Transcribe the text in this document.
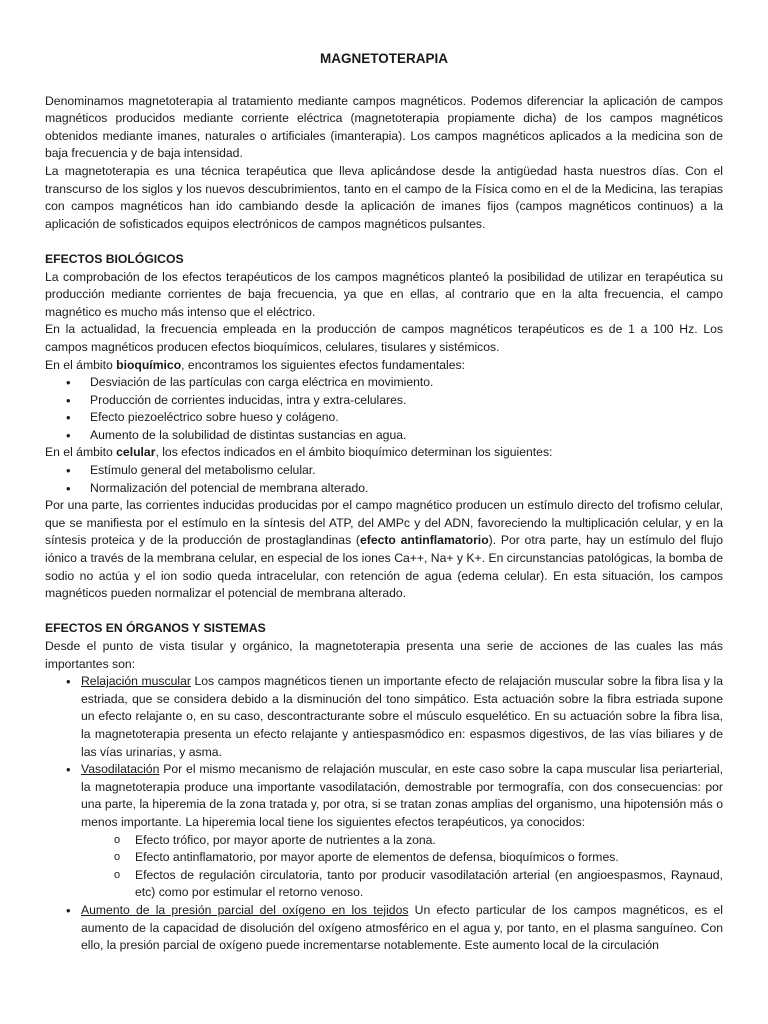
MAGNETOTERAPIA

Denominamos magnetoterapia al tratamiento mediante campos magnéticos. Podemos diferenciar la aplicación de campos magnéticos producidos mediante corriente eléctrica (magnetoterapia propiamente dicha) de los campos magnéticos obtenidos mediante imanes, naturales o artificiales (imanterapia). Los campos magnéticos aplicados a la medicina son de baja frecuencia y de baja intensidad.

La magnetoterapia es una técnica terapéutica que lleva aplicándose desde la antigüedad hasta nuestros días. Con el transcurso de los siglos y los nuevos descubrimientos, tanto en el campo de la Física como en el de la Medicina, las terapias con campos magnéticos han ido cambiando desde la aplicación de imanes fijos (campos magnéticos continuos) a la aplicación de sofisticados equipos electrónicos de campos magnéticos pulsantes.

EFECTOS BIOLÓGICOS

La comprobación de los efectos terapéuticos de los campos magnéticos planteó la posibilidad de utilizar en terapéutica su producción mediante corrientes de baja frecuencia, ya que en ellas, al contrario que en la alta frecuencia, el campo magnético es mucho más intenso que el eléctrico.

En la actualidad, la frecuencia empleada en la producción de campos magnéticos terapéuticos es de 1 a 100 Hz. Los campos magnéticos producen efectos bioquímicos, celulares, tisulares y sistémicos.

En el ámbito bioquímico, encontramos los siguientes efectos fundamentales:

• Desviación de las partículas con carga eléctrica en movimiento.
• Producción de corrientes inducidas, intra y extra-celulares.
• Efecto piezoeléctrico sobre hueso y colágeno.
• Aumento de la solubilidad de distintas sustancias en agua.

En el ámbito celular, los efectos indicados en el ámbito bioquímico determinan los siguientes:

• Estímulo general del metabolismo celular.
• Normalización del potencial de membrana alterado.

Por una parte, las corrientes inducidas producidas por el campo magnético producen un estímulo directo del trofismo celular, que se manifiesta por el estímulo en la síntesis del ATP, del AMPc y del ADN, favoreciendo la multiplicación celular, y en la síntesis proteica y de la producción de prostaglandinas (efecto antinflamatorio). Por otra parte, hay un estímulo del flujo iónico a través de la membrana celular, en especial de los iones Ca++, Na+ y K+. En circunstancias patológicas, la bomba de sodio no actúa y el ion sodio queda intracelular, con retención de agua (edema celular). En esta situación, los campos magnéticos pueden normalizar el potencial de membrana alterado.

EFECTOS EN ÓRGANOS Y SISTEMAS

Desde el punto de vista tisular y orgánico, la magnetoterapia presenta una serie de acciones de las cuales las más importantes son:

• Relajación muscular Los campos magnéticos tienen un importante efecto de relajación muscular sobre la fibra lisa y la estriada, que se considera debido a la disminución del tono simpático. Esta actuación sobre la fibra estriada supone un efecto relajante o, en su caso, descontracturante sobre el músculo esquelético. En su actuación sobre la fibra lisa, la magnetoterapia presenta un efecto relajante y antiespasmódico en: espasmos digestivos, de las vías biliares y de las vías urinarias, y asma.
• Vasodilatación Por el mismo mecanismo de relajación muscular, en este caso sobre la capa muscular lisa periarterial, la magnetoterapia produce una importante vasodilatación, demostrable por termografía, con dos consecuencias: por una parte, la hiperemia de la zona tratada y, por otra, si se tratan zonas amplias del organismo, una hipotensión más o menos importante. La hiperemia local tiene los siguientes efectos terapéuticos, ya conocidos:
o Efecto trófico, por mayor aporte de nutrientes a la zona.
o Efecto antinflamatorio, por mayor aporte de elementos de defensa, bioquímicos o formes.
o Efectos de regulación circulatoria, tanto por producir vasodilatación arterial (en angioespasmos, Raynaud, etc) como por estimular el retorno venoso.
• Aumento de la presión parcial del oxígeno en los tejidos Un efecto particular de los campos magnéticos, es el aumento de la capacidad de disolución del oxígeno atmosférico en el agua y, por tanto, en el plasma sanguíneo. Con ello, la presión parcial de oxígeno puede incrementarse notablemente. Este aumento local de la circulación
